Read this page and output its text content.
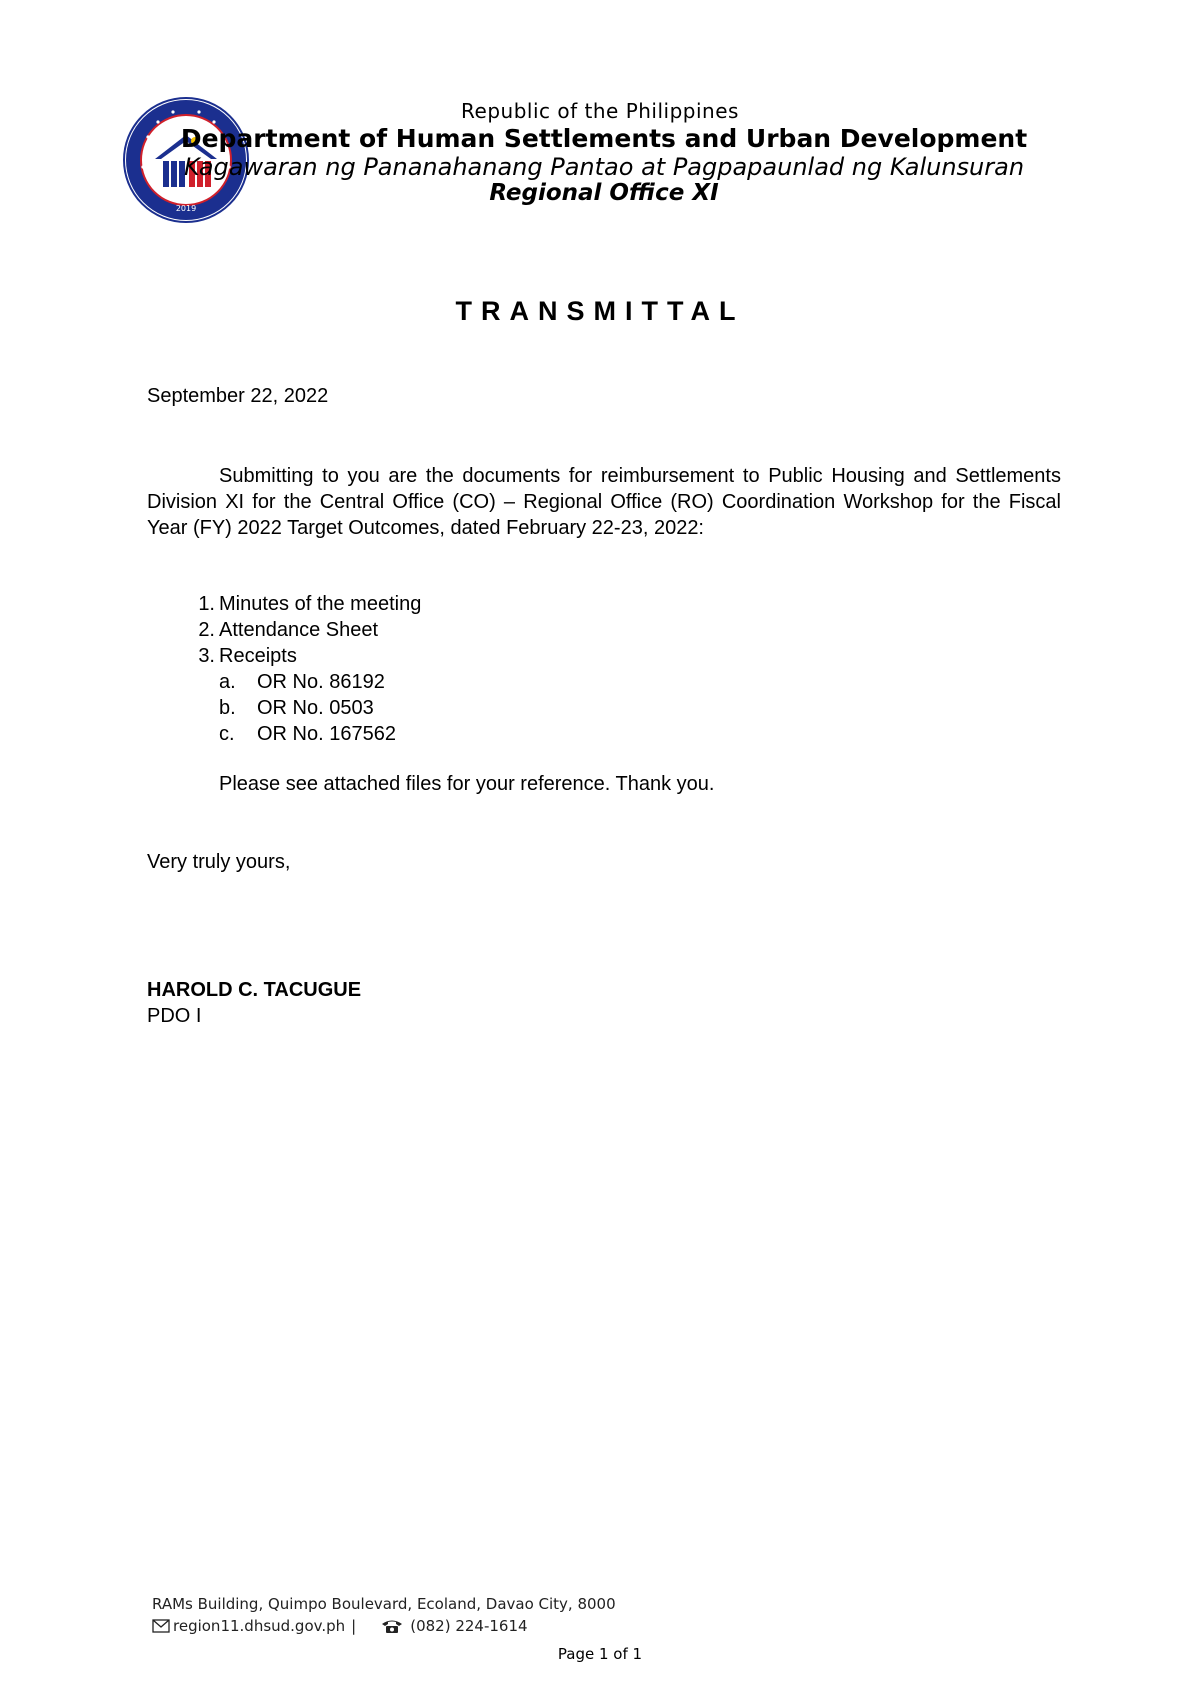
2019
Republic of the Philippines
Department of Human Settlements and Urban Development
Kagawaran ng Pananahanang Pantao at Pagpapaunlad ng Kalunsuran
Regional Office XI
TRANSMITTAL
September 22, 2022
Submitting to you are the documents for reimbursement to Public Housing and Settlements Division XI for the Central Office (CO) – Regional Office (RO) Coordination Workshop for the Fiscal Year (FY) 2022 Target Outcomes, dated February 22-23, 2022:
1. Minutes of the meeting
2. Attendance Sheet
3. Receipts
a. OR No. 86192
b. OR No. 0503
c. OR No. 167562
Please see attached files for your reference. Thank you.
Very truly yours,
HAROLD C. TACUGUE
PDO I
RAMs Building, Quimpo Boulevard, Ecoland, Davao City, 8000
region11.dhsud.gov.ph |	(082) 224-1614
Page 1 of 1
